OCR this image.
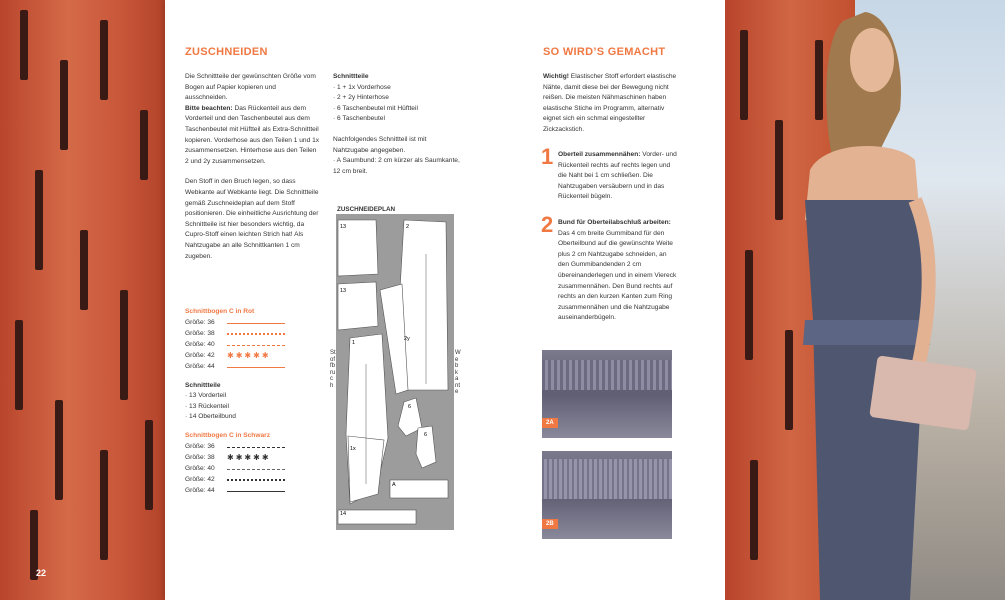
22
ZUSCHNEIDEN

Die Schnittteile der gewünschten Größe vom Bogen auf Papier kopieren und ausschneiden.

Bitte beachten: Das Rückenteil aus dem Vorderteil und den Taschenbeutel aus dem Taschenbeutel mit Hüftteil als Extra-Schnittteil kopieren. Vorderhose aus den Teilen 1 und 1x zusammensetzen. Hinterhose aus den Teilen 2 und 2y zusammensetzen.

Den Stoff in den Bruch legen, so dass Webkante auf Webkante liegt. Die Schnittteile gemäß Zuschneideplan auf dem Stoff positionieren. Die einheitliche Ausrichtung der Schnittteile ist hier besonders wichtig, da Cupro-Stoff einen leichten Strich hat! Als Nahtzugabe an alle Schnittkanten 1 cm zugeben.

Schnittbogen C in Rot
Größe: 36
Größe: 38
Größe: 40
Größe: 42	✱✱✱✱✱
Größe: 44
Schnittteile
· 13 Vorderteil
· 13 Rückenteil
· 14 Oberteilbund
Schnittbogen C in Schwarz
Größe: 36
Größe: 38	✱✱✱✱✱
Größe: 40
Größe: 42
Größe: 44
Schnittteile
· 1 + 1x Vorderhose
· 2 + 2y Hinterhose
· 6 Taschenbeutel mit Hüftteil
· 6 Taschenbeutel

Nachfolgendes Schnittteil ist mit Nahtzugabe angegeben.

· A Saumbund: 2 cm kürzer als Saumkante, 12 cm breit.

ZUSCHNEIDEPLAN
13	2
13
2y
1
1x
6
6
A
14
Stoffbruch
Webkante
SO WIRD’S GEMACHT

Wichtig! Elastischer Stoff erfordert elastische Nähte, damit diese bei der Bewegung nicht reißen. Die meisten Nähmaschinen haben elastische Stiche im Programm, alternativ eignet sich ein schmal eingestellter Zickzackstich.

1 Oberteil zusammennähen: Vorder- und Rückenteil rechts auf rechts legen und die Naht bei 1 cm schließen. Die Nahtzugaben versäubern und in das Rückenteil bügeln.
2 Bund für Oberteilabschluß arbeiten: Das 4 cm breite Gummiband für den Oberteilbund auf die gewünschte Weite plus 2 cm Nahtzugabe schneiden, an den Gummibandenden 2 cm übereinanderlegen und in einem Viereck zusammennähen. Den Bund rechts auf rechts an den kurzen Kanten zum Ring zusammennähen und die Nahtzugabe auseinanderbügeln.
2A
2B
